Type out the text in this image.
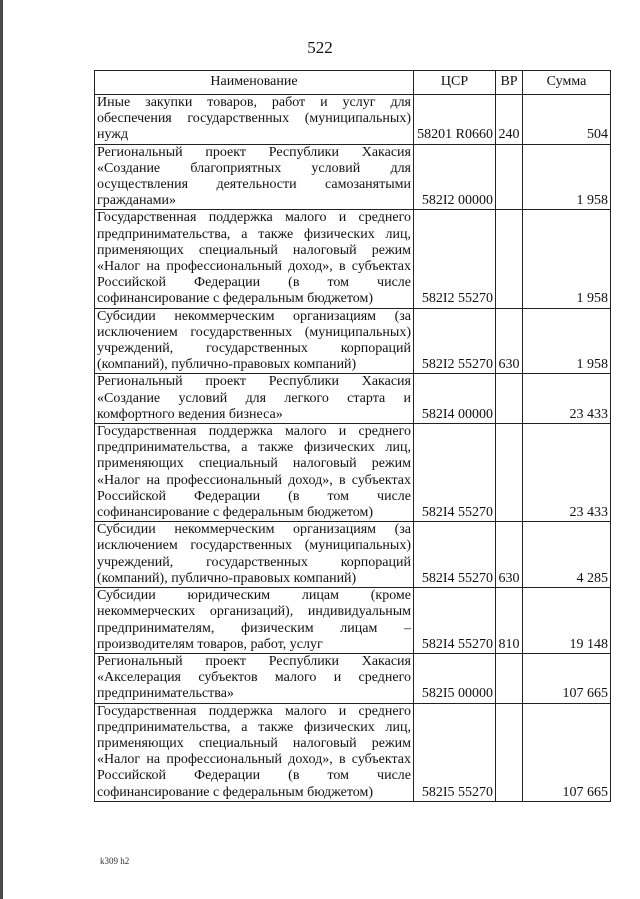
522
Наименование	ЦСР	ВР	Сумма
Иные закупки товаров, работ и услуг для обеспечения государственных (муниципальных) нужд	58201 R0660	240	504
Региональный проект Республики Хакасия «Создание благоприятных условий для осуществления деятельности самозанятыми гражданами»	582I2 00000		1 958
Государственная поддержка малого и среднего предпринимательства, а также физических лиц, применяющих специальный налоговый режим «Налог на профессиональный доход», в субъектах Российской Федерации (в том числе софинансирование с федеральным бюджетом)	582I2 55270		1 958
Субсидии некоммерческим организациям (за исключением государственных (муниципальных) учреждений, государственных корпораций (компаний), публично-правовых компаний)	582I2 55270	630	1 958
Региональный проект Республики Хакасия «Создание условий для легкого старта и комфортного ведения бизнеса»	582I4 00000		23 433
Государственная поддержка малого и среднего предпринимательства, а также физических лиц, применяющих специальный налоговый режим «Налог на профессиональный доход», в субъектах Российской Федерации (в том числе софинансирование с федеральным бюджетом)	582I4 55270		23 433
Субсидии некоммерческим организациям (за исключением государственных (муниципальных) учреждений, государственных корпораций (компаний), публично-правовых компаний)	582I4 55270	630	4 285
Субсидии юридическим лицам (кроме некоммерческих организаций), индивидуальным предпринимателям, физическим лицам – производителям товаров, работ, услуг	582I4 55270	810	19 148
Региональный проект Республики Хакасия «Акселерация субъектов малого и среднего предпринимательства»	582I5 00000		107 665
Государственная поддержка малого и среднего предпринимательства, а также физических лиц, применяющих специальный налоговый режим «Налог на профессиональный доход», в субъектах Российской Федерации (в том числе софинансирование с федеральным бюджетом)	582I5 55270		107 665
k309 h2
